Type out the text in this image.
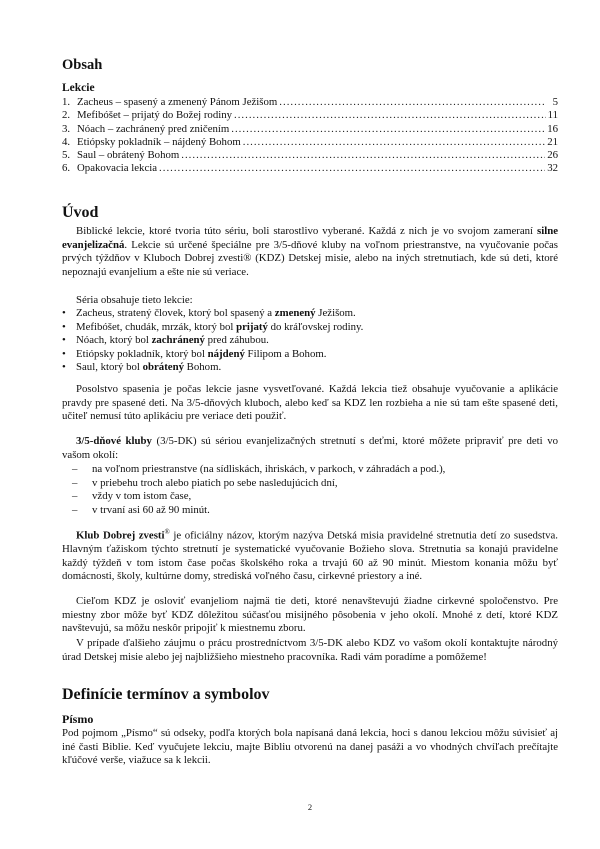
Obsah
Lekcie
1. Zacheus – spasený a zmenený Pánom Ježišom .....	5
2. Mefibóšet – prijatý do Božej rodiny .....	11
3. Nóach – zachránený pred zničením .....	16
4. Etiópsky pokladník – nájdený Bohom .....	21
5. Saul – obrátený Bohom .....	26
6. Opakovacia lekcia .....	32
Úvod

Biblické lekcie, ktoré tvoria túto sériu, boli starostlivo vyberané. Každá z nich je vo svojom zameraní silne evanjelizačná. Lekcie sú určené špeciálne pre 3/5-dňové kluby na voľnom priestranstve, na vyučovanie počas prvých týždňov v Kluboch Dobrej zvesti® (KDZ) Detskej misie, alebo na iných stretnutiach, kde sú deti, ktoré nepoznajú evanjelium a ešte nie sú veriace.

Séria obsahuje tieto lekcie:

• Zacheus, stratený človek, ktorý bol spasený a zmenený Ježišom.
• Mefibóšet, chudák, mrzák, ktorý bol prijatý do kráľovskej rodiny.
• Nóach, ktorý bol zachránený pred záhubou.
• Etiópsky pokladník, ktorý bol nájdený Filipom a Bohom.
• Saul, ktorý bol obrátený Bohom.

Posolstvo spasenia je počas lekcie jasne vysvetľované. Každá lekcia tiež obsahuje vyučovanie a aplikácie pravdy pre spasené deti. Na 3/5-dňových kluboch, alebo keď sa KDZ len rozbieha a nie sú tam ešte spasené deti, učiteľ nemusí túto aplikáciu pre veriace deti použiť.

3/5-dňové kluby (3/5-DK) sú sériou evanjelizačných stretnutí s deťmi, ktoré môžete pripraviť pre deti vo vašom okolí:

– na voľnom priestranstve (na sídliskách, ihriskách, v parkoch, v záhradách a pod.),
– v priebehu troch alebo piatich po sebe nasledujúcich dní,
– vždy v tom istom čase,
– v trvaní asi 60 až 90 minút.

Klub Dobrej zvesti® je oficiálny názov, ktorým nazýva Detská misia pravidelné stretnutia detí zo susedstva. Hlavným ťažiskom týchto stretnutí je systematické vyučovanie Božieho slova. Stretnutia sa konajú pravidelne každý týždeň v tom istom čase počas školského roka a trvajú 60 až 90 minút. Miestom konania môžu byť domácnosti, školy, kultúrne domy, strediská voľného času, cirkevné priestory a iné.

Cieľom KDZ je osloviť evanjeliom najmä tie deti, ktoré nenavštevujú žiadne cirkevné spoločenstvo. Pre miestny zbor môže byť KDZ dôležitou súčasťou misijného pôsobenia v jeho okolí. Mnohé z detí, ktoré KDZ navštevujú, sa môžu neskôr pripojiť k miestnemu zboru.

V prípade ďalšieho záujmu o prácu prostredníctvom 3/5-DK alebo KDZ vo vašom okolí kontaktujte národný úrad Detskej misie alebo jej najbližšieho miestneho pracovníka. Radi vám poradíme a pomôžeme!

Definície termínov a symbolov
Písmo

Pod pojmom „Písmo“ sú odseky, podľa ktorých bola napísaná daná lekcia, hoci s danou lekciou môžu súvisieť aj iné časti Biblie. Keď vyučujete lekciu, majte Bibliu otvorenú na danej pasáži a vo vhodných chvíľach prečítajte kľúčové verše, viažuce sa k lekcii.

2
